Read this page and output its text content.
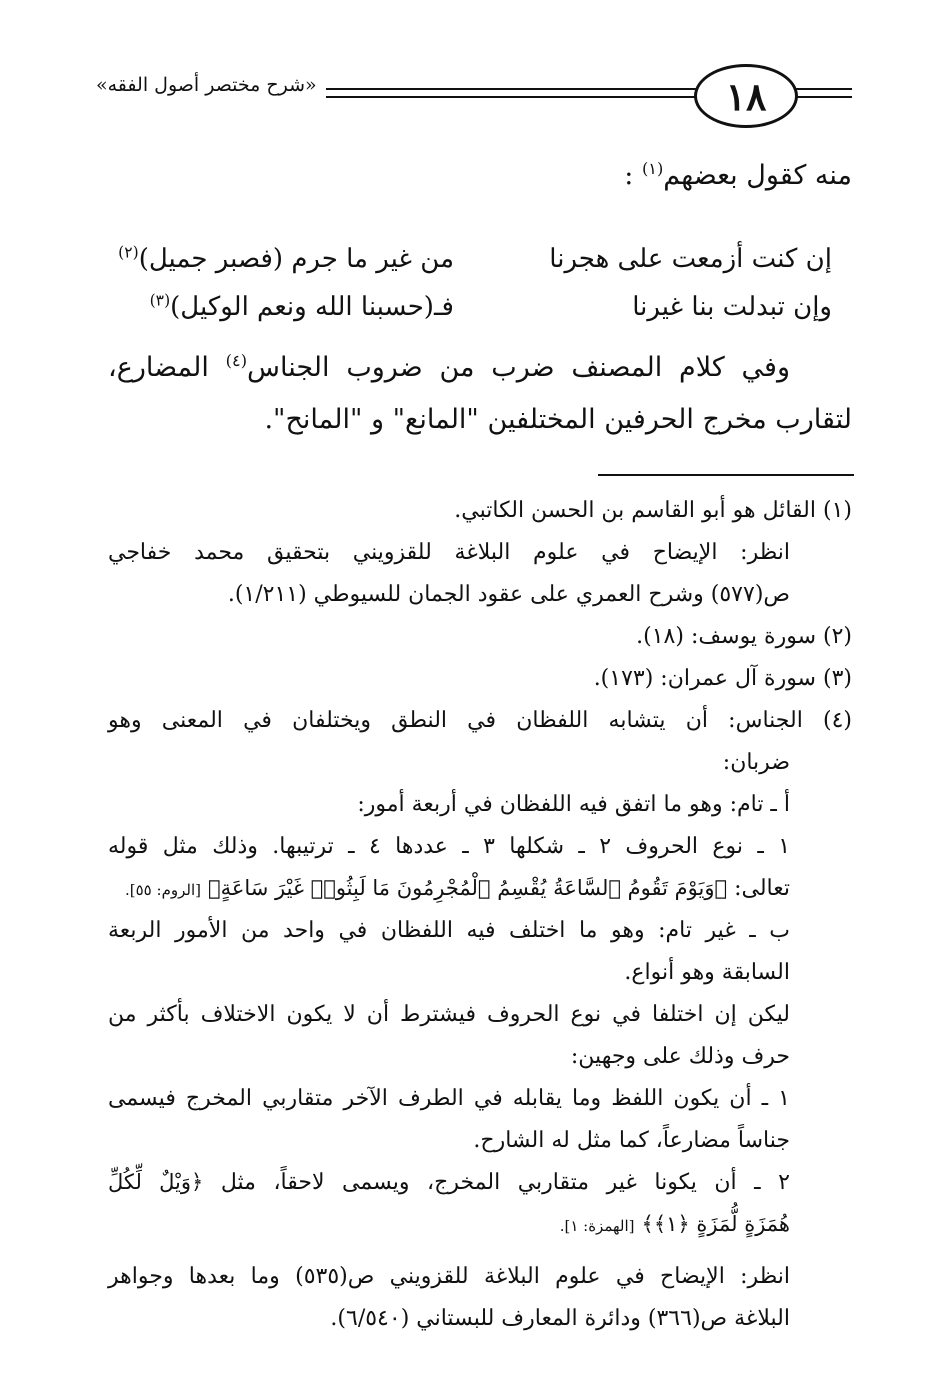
١٨
«شرح مختصر أصول الفقه»
منه كقول بعضهم$^{(١)}$ :
إن كنت أزمعت على هجرنا
من غير ما جرم (فصبر جميل)$^{(٢)}$
وإن تبدلت بنا غيرنا
فـ(حسبنا الله ونعم الوكيل)$^{(٣)}$
وفي كلام المصنف ضرب من ضروب الجناس$^{(٤)}$ المضارع،
لتقارب مخرج الحرفين المختلفين "المانع" و "المانح".
(١) القائل هو أبو القاسم بن الحسن الكاتبي.
انظر: الإيضاح في علوم البلاغة للقزويني بتحقيق محمد خفاجي
ص(٥٧٧) وشرح العمري على عقود الجمان للسيوطي (١/٢١١).
(٢) سورة يوسف: (١٨).
(٣) سورة آل عمران: (١٧٣).
(٤) الجناس: أن يتشابه اللفظان في النطق ويختلفان في المعنى وهو
ضربان:
أ ـ تام: وهو ما اتفق فيه اللفظان في أربعة أمور:
١ ـ نوع الحروف ٢ ـ شكلها ٣ ـ عددها ٤ ـ ترتيبها. وذلك مثل قوله
تعالى: ﴿وَيَوْمَ تَقُومُ ٱلسَّاعَةُ يُقْسِمُ ٱلْمُجْرِمُونَ مَا لَبِثُوا۟ غَيْرَ سَاعَةٍ﴾ [الروم: ٥٥].
ب ـ غير تام: وهو ما اختلف فيه اللفظان في واحد من الأمور الربعة
السابقة وهو أنواع.
ليكن إن اختلفا في نوع الحروف فيشترط أن لا يكون الاختلاف بأكثر من
حرف وذلك على وجهين:
١ ـ أن يكون اللفظ وما يقابله في الطرف الآخر متقاربي المخرج فيسمى
جناساً مضارعاً، كما مثل له الشارح.
٢ ـ أن يكونا غير متقاربي المخرج، ويسمى لاحقاً، مثل ﴿وَيْلٌ لِّكُلِّ
هُمَزَةٍ لُّمَزَةٍ ﴿١﴾﴾ [الهمزة: ١].
انظر: الإيضاح في علوم البلاغة للقزويني ص(٥٣٥) وما بعدها وجواهر
البلاغة ص(٣٦٦) ودائرة المعارف للبستاني (٦/٥٤٠).
